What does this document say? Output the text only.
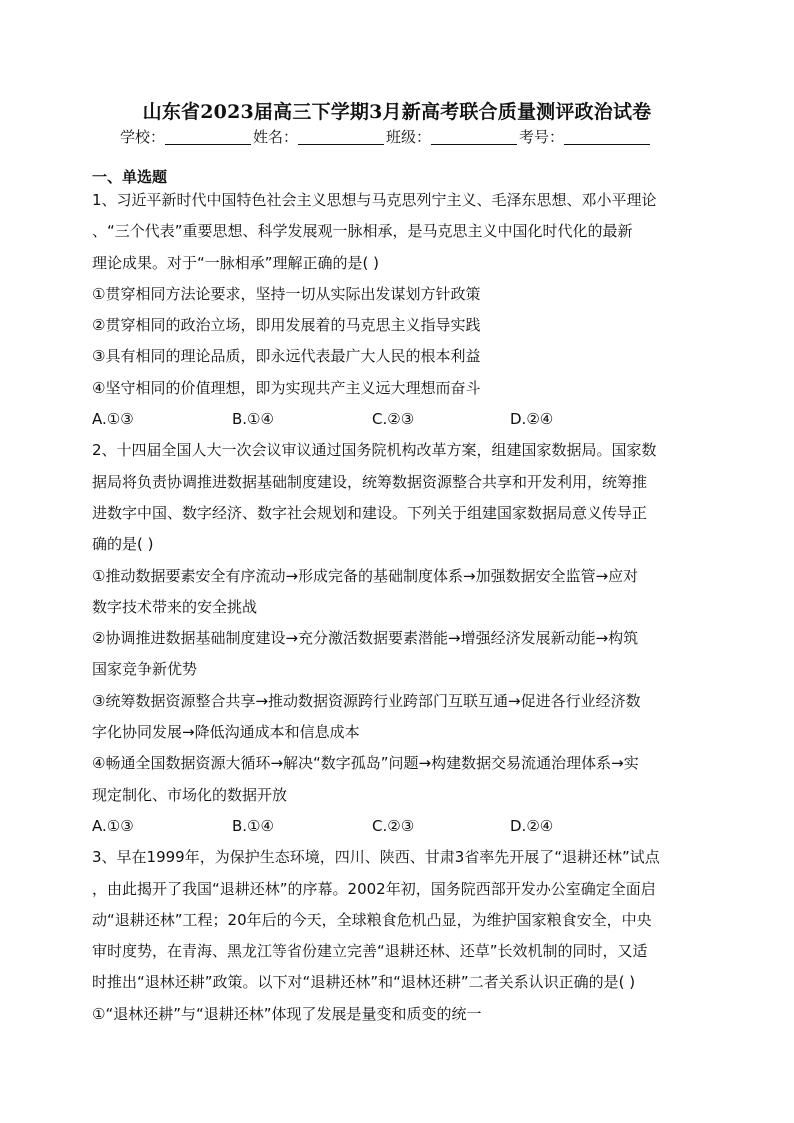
山东省2023届高三下学期3月新高考联合质量测评政治试卷
学校：	姓名：	班级：	考号：
一、单选题
1、习近平新时代中国特色社会主义思想与马克思列宁主义、毛泽东思想、邓小平理论
、“三个代表”重要思想、科学发展观一脉相承，是马克思主义中国化时代化的最新
理论成果。对于“一脉相承”理解正确的是( )
①贯穿相同方法论要求，坚持一切从实际出发谋划方针政策
②贯穿相同的政治立场，即用发展着的马克思主义指导实践
③具有相同的理论品质，即永远代表最广大人民的根本利益
④坚守相同的价值理想，即为实现共产主义远大理想而奋斗
A.①③	B.①④	C.②③	D.②④
2、十四届全国人大一次会议审议通过国务院机构改革方案，组建国家数据局。国家数
据局将负责协调推进数据基础制度建设，统筹数据资源整合共享和开发利用，统筹推
进数字中国、数字经济、数字社会规划和建设。下列关于组建国家数据局意义传导正
确的是( )
①推动数据要素安全有序流动→形成完备的基础制度体系→加强数据安全监管→应对
数字技术带来的安全挑战
②协调推进数据基础制度建设→充分激活数据要素潜能→增强经济发展新动能→构筑
国家竞争新优势
③统筹数据资源整合共享→推动数据资源跨行业跨部门互联互通→促进各行业经济数
字化协同发展→降低沟通成本和信息成本
④畅通全国数据资源大循环→解决“数字孤岛”问题→构建数据交易流通治理体系→实
现定制化、市场化的数据开放
A.①③	B.①④	C.②③	D.②④
3、早在1999年，为保护生态环境，四川、陕西、甘肃3省率先开展了“退耕还林”试点
，由此揭开了我国“退耕还林”的序幕。2002年初，国务院西部开发办公室确定全面启
动“退耕还林”工程；20年后的今天，全球粮食危机凸显，为维护国家粮食安全，中央
审时度势，在青海、黑龙江等省份建立完善“退耕还林、还草”长效机制的同时，又适
时推出“退林还耕”政策。以下对“退耕还林”和“退林还耕”二者关系认识正确的是( )
①“退林还耕”与“退耕还林”体现了发展是量变和质变的统一
